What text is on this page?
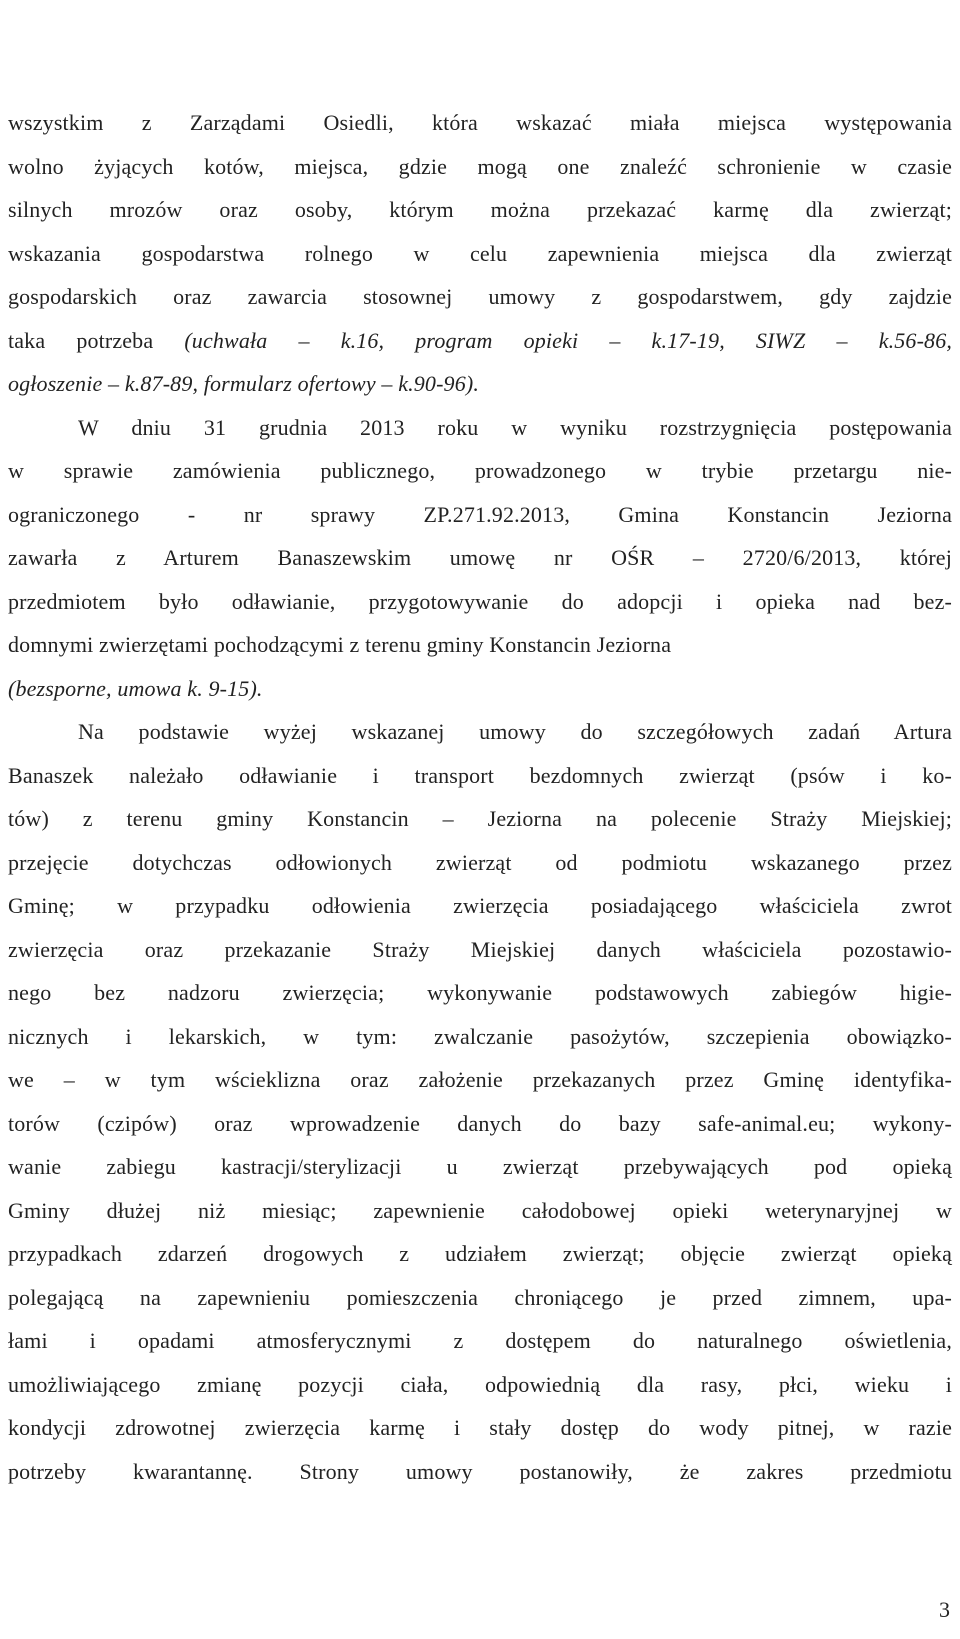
wszystkim z Zarządami Osiedli, która wskazać miała miejsca występowania

wolno żyjących kotów, miejsca, gdzie mogą one znaleźć schronienie w czasie

silnych mrozów oraz osoby, którym można przekazać karmę dla zwierząt;

wskazania gospodarstwa rolnego w celu zapewnienia miejsca dla zwierząt

gospodarskich oraz zawarcia stosownej umowy z gospodarstwem, gdy zajdzie

taka potrzeba (uchwała – k.16, program opieki – k.17-19, SIWZ – k.56-86,

ogłoszenie – k.87-89, formularz ofertowy – k.90-96).

W dniu 31 grudnia 2013 roku w wyniku rozstrzygnięcia postępowania

w sprawie zamówienia publicznego, prowadzonego w trybie przetargu nie-

ograniczonego - nr sprawy ZP.271.92.2013, Gmina Konstancin Jeziorna

zawarła z Arturem Banaszewskim umowę nr OŚR – 2720/6/2013, której

przedmiotem było odławianie, przygotowywanie do adopcji i opieka nad bez-

domnymi zwierzętami pochodzącymi z terenu gminy Konstancin Jeziorna

(bezsporne, umowa k. 9-15).

Na podstawie wyżej wskazanej umowy do szczegółowych zadań Artura

Banaszek należało odławianie i transport bezdomnych zwierząt (psów i ko-

tów) z terenu gminy Konstancin – Jeziorna na polecenie Straży Miejskiej;

przejęcie dotychczas odłowionych zwierząt od podmiotu wskazanego przez

Gminę; w przypadku odłowienia zwierzęcia posiadającego właściciela zwrot

zwierzęcia oraz przekazanie Straży Miejskiej danych właściciela pozostawio-

nego bez nadzoru zwierzęcia; wykonywanie podstawowych zabiegów higie-

nicznych i lekarskich, w tym: zwalczanie pasożytów, szczepienia obowiązko-

we – w tym wścieklizna oraz założenie przekazanych przez Gminę identyfika-

torów (czipów) oraz wprowadzenie danych do bazy safe-animal.eu; wykony-

wanie zabiegu kastracji/sterylizacji u zwierząt przebywających pod opieką

Gminy dłużej niż miesiąc; zapewnienie całodobowej opieki weterynaryjnej w

przypadkach zdarzeń drogowych z udziałem zwierząt; objęcie zwierząt opieką

polegającą na zapewnieniu pomieszczenia chroniącego je przed zimnem, upa-

łami i opadami atmosferycznymi z dostępem do naturalnego oświetlenia,

umożliwiającego zmianę pozycji ciała, odpowiednią dla rasy, płci, wieku i

kondycji zdrowotnej zwierzęcia karmę i stały dostęp do wody pitnej, w razie

potrzeby kwarantannę. Strony umowy postanowiły, że zakres przedmiotu

3
